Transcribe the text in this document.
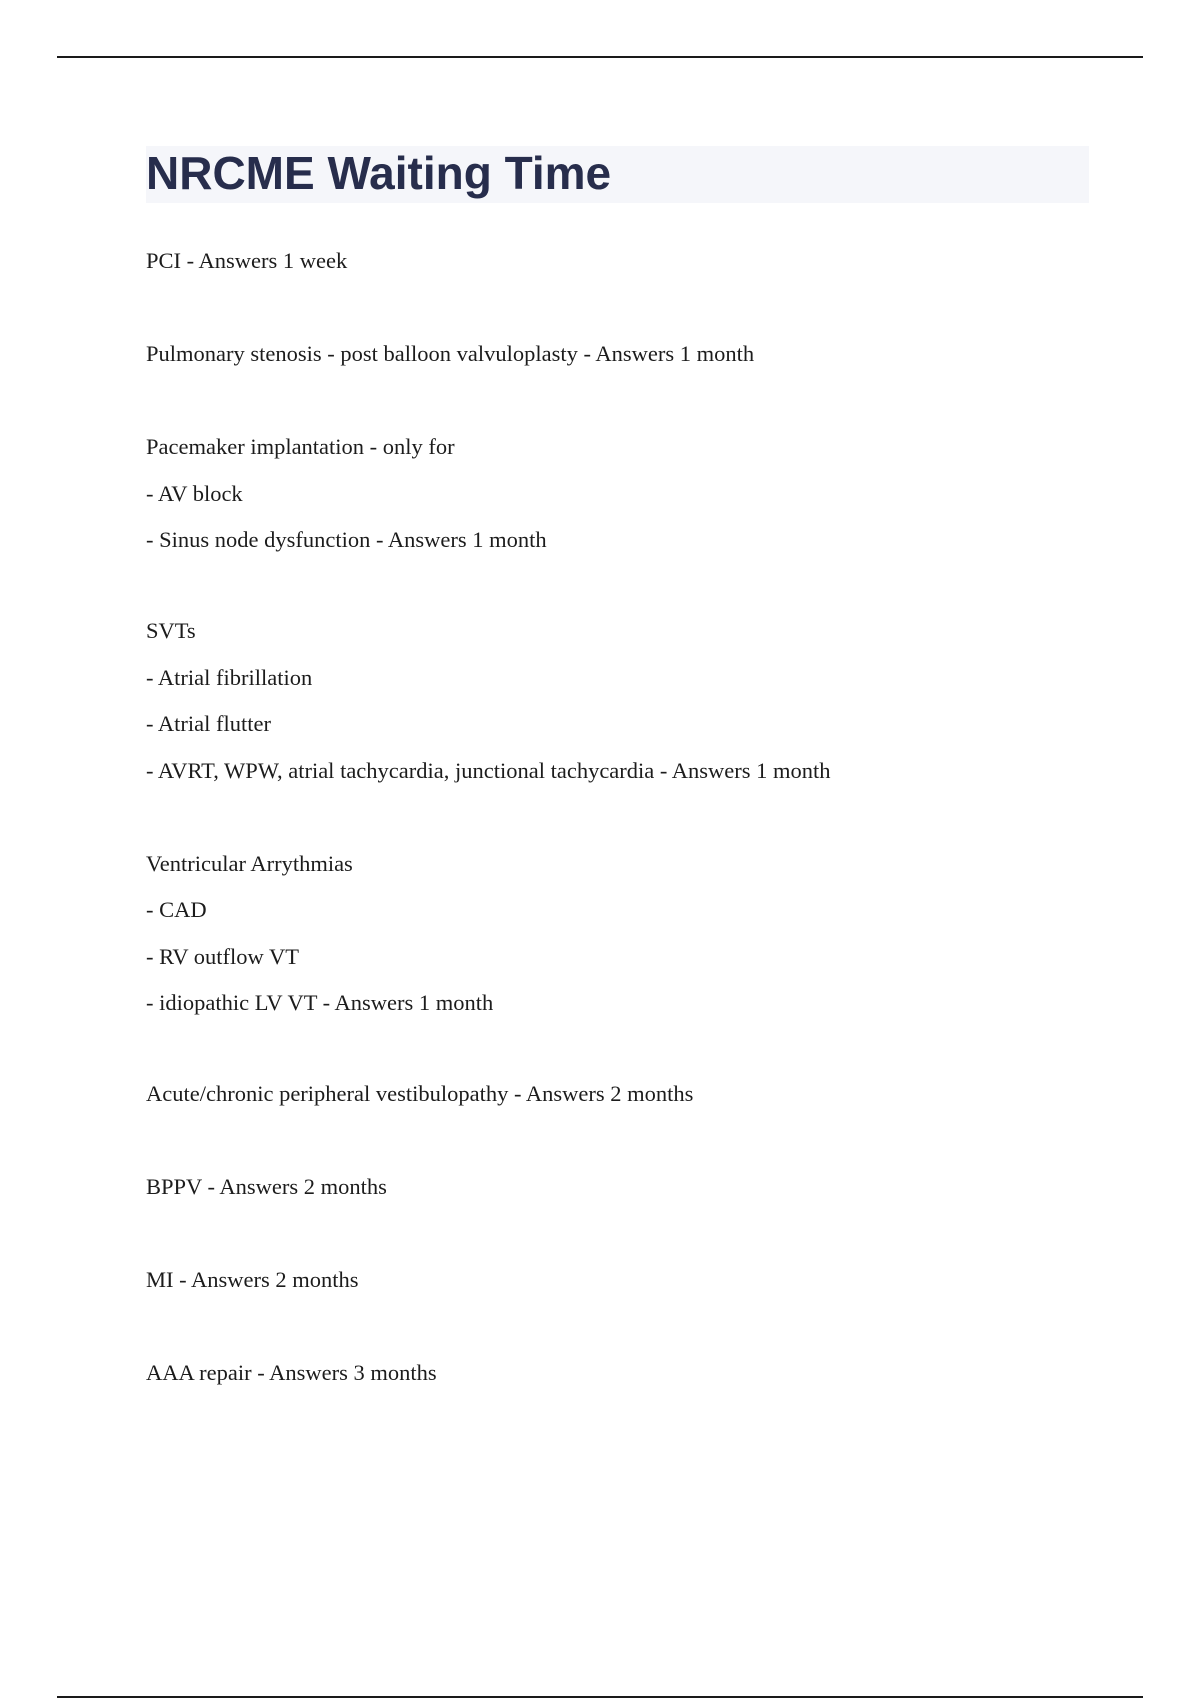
NRCME Waiting Time
PCI - Answers 1 week
Pulmonary stenosis - post balloon valvuloplasty - Answers 1 month
Pacemaker implantation - only for
- AV block
- Sinus node dysfunction - Answers 1 month
SVTs
- Atrial fibrillation
- Atrial flutter
- AVRT, WPW, atrial tachycardia, junctional tachycardia - Answers 1 month
Ventricular Arrythmias
- CAD
- RV outflow VT
- idiopathic LV VT - Answers 1 month
Acute/chronic peripheral vestibulopathy - Answers 2 months
BPPV - Answers 2 months
MI - Answers 2 months
AAA repair - Answers 3 months
